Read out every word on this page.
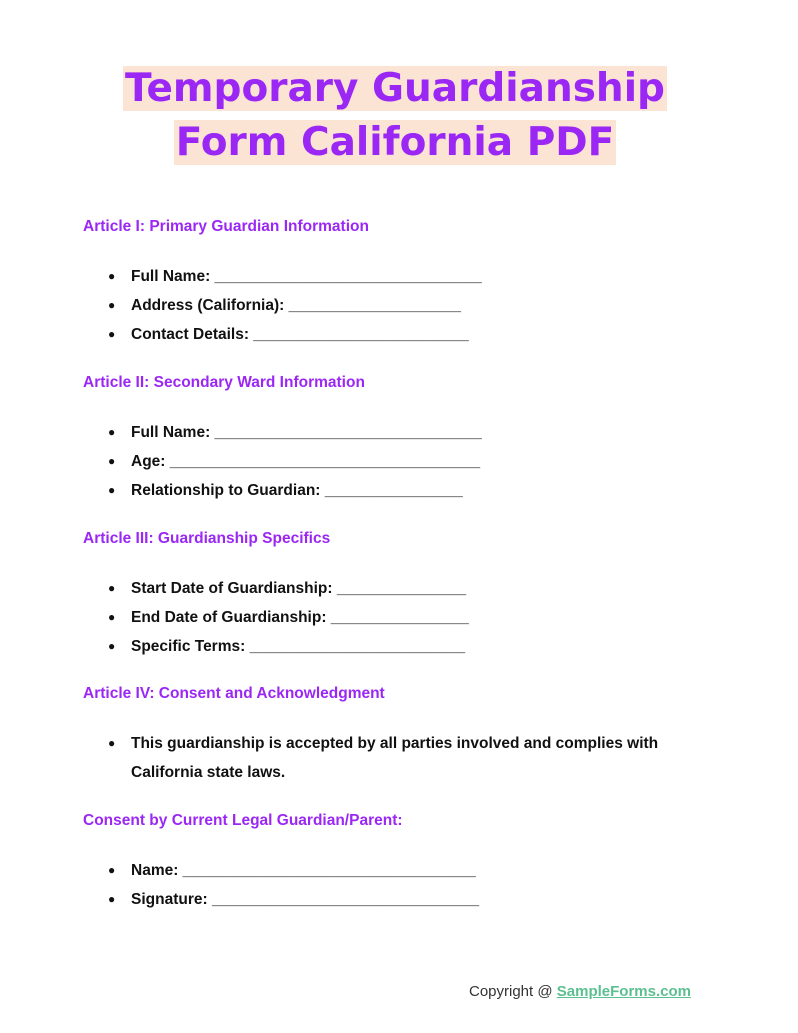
Temporary Guardianship
Form California PDF
Article I: Primary Guardian Information
● Full Name: _______________________________
● Address (California): ____________________
● Contact Details: _________________________
Article II: Secondary Ward Information
● Full Name: _______________________________
● Age: ____________________________________
● Relationship to Guardian: ________________
Article III: Guardianship Specifics
● Start Date of Guardianship: _______________
● End Date of Guardianship: ________________
● Specific Terms: _________________________
Article IV: Consent and Acknowledgment
● This guardianship is accepted by all parties involved and complies with California state laws.
Consent by Current Legal Guardian/Parent:
● Name: __________________________________
● Signature: _______________________________
Copyright @ SampleForms.com
